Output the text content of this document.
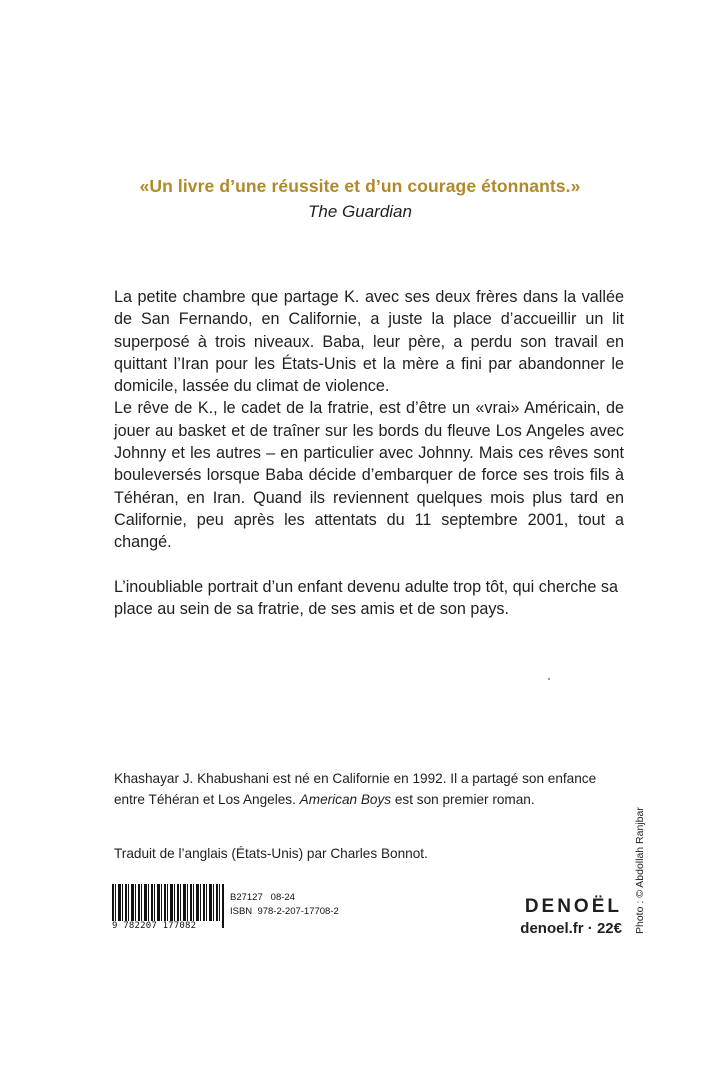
«Un livre d’une réussite et d’un courage étonnants.»
The Guardian

La petite chambre que partage K. avec ses deux frères dans la vallée de San Fernando, en Californie, a juste la place d’accueillir un lit superposé à trois niveaux. Baba, leur père, a perdu son travail en quittant l’Iran pour les États-Unis et la mère a fini par abandonner le domicile, lassée du climat de violence.

Le rêve de K., le cadet de la fratrie, est d’être un «vrai» Américain, de jouer au basket et de traîner sur les bords du fleuve Los Angeles avec Johnny et les autres – en particulier avec Johnny. Mais ces rêves sont bouleversés lorsque Baba décide d’embarquer de force ses trois fils à Téhéran, en Iran. Quand ils reviennent quelques mois plus tard en Californie, peu après les attentats du 11 septembre 2001, tout a changé.

L’inoubliable portrait d’un enfant devenu adulte trop tôt, qui cherche sa place au sein de sa fratrie, de ses amis et de son pays.

Khashayar J. Khabushani est né en Californie en 1992. Il a partagé son enfance
entre Téhéran et Los Angeles. American Boys est son premier roman.
Traduit de l’anglais (États-Unis) par Charles Bonnot.	Photo : © Abdollah Ranjbar
9 782207 177082
B27127   08-24
ISBN  978-2-207-17708-2	DENOËL
denoel.fr · 22€
